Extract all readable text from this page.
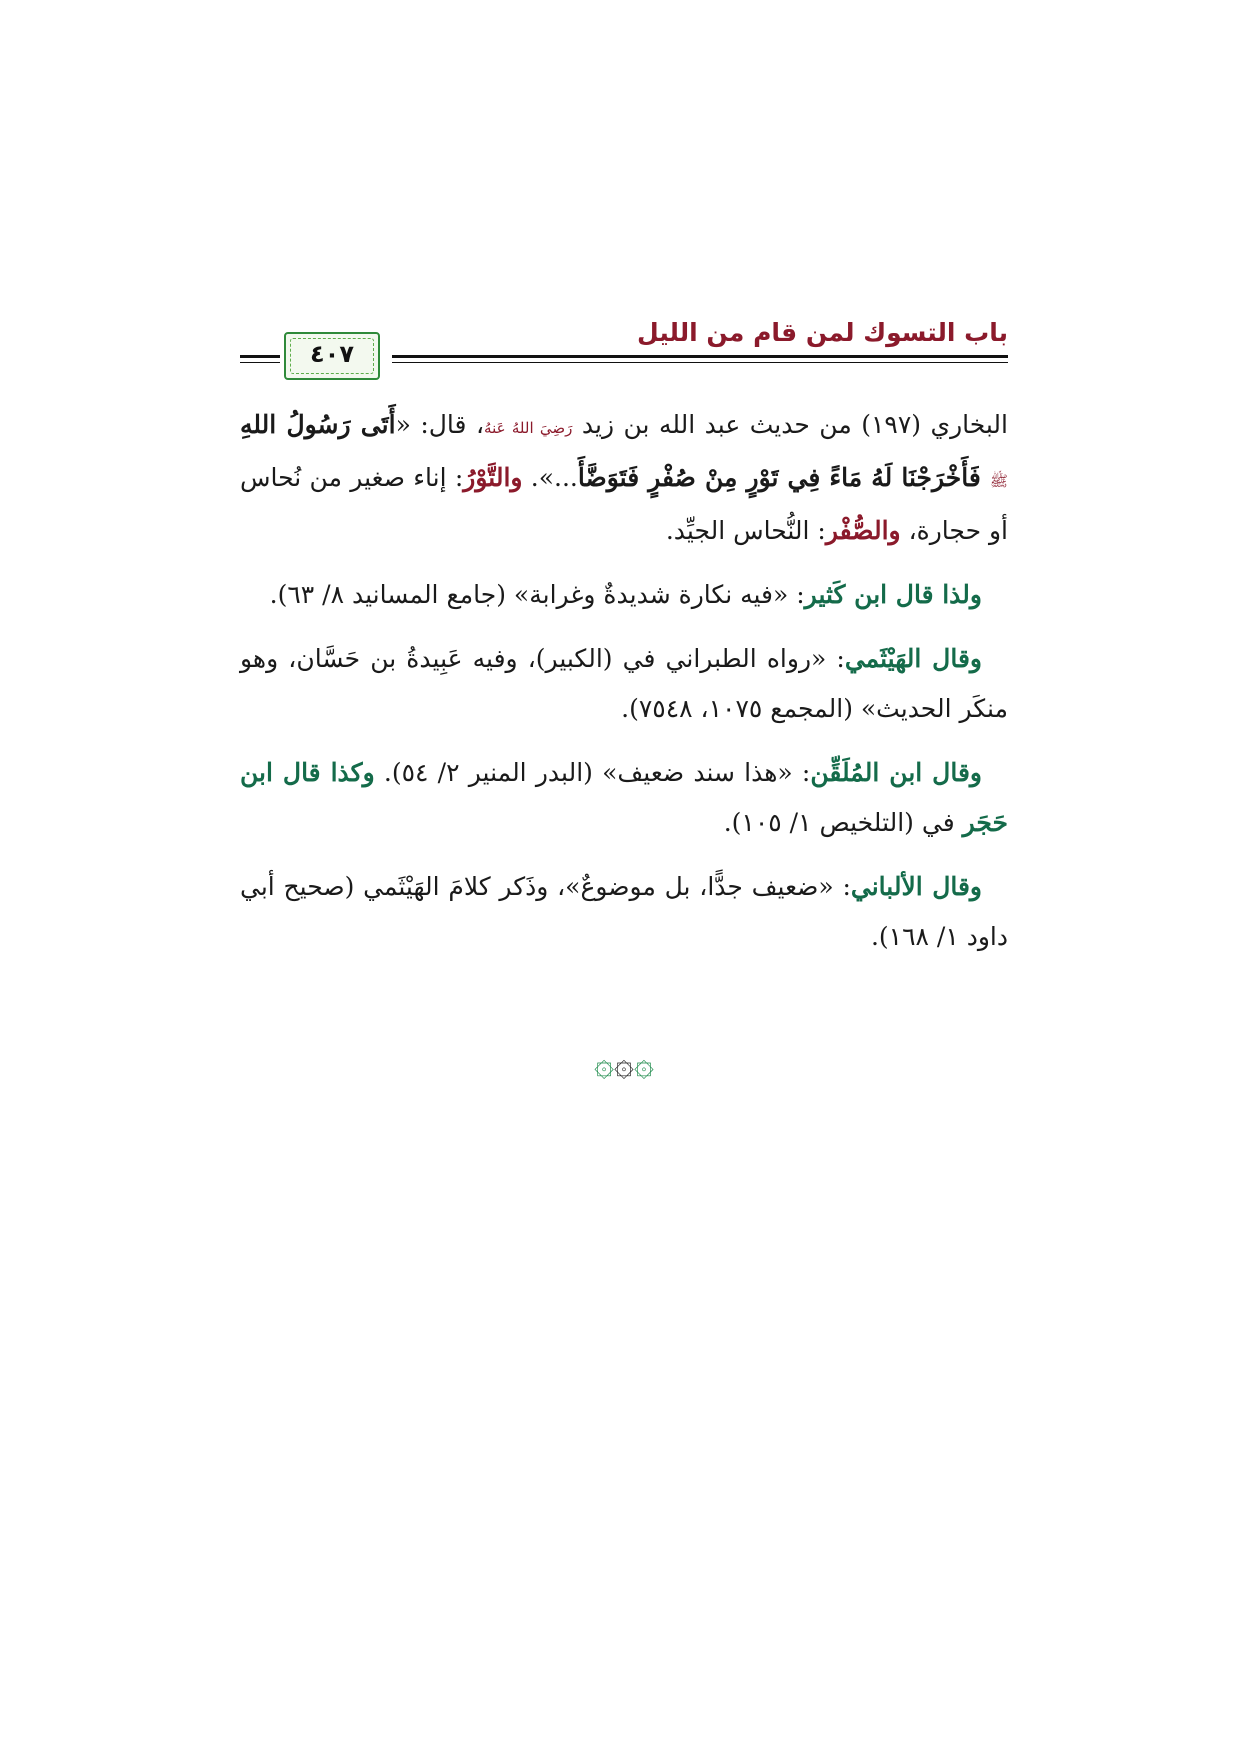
باب التسوك لمن قام من الليل
٤٠٧

البخاري (١٩٧) من حديث عبد الله بن زيد رَضِيَ اللهُ عَنهُ، قال: «أَتَى رَسُولُ اللهِ ﷺ فَأَخْرَجْنَا لَهُ مَاءً فِي تَوْرٍ مِنْ صُفْرٍ فَتَوَضَّأَ...». والتَّوْرُ: إناء صغير من نُحاس أو حجارة، والصُّفْر: النُّحاس الجيِّد.

ولذا قال ابن كَثير: «فيه نكارة شديدةٌ وغرابة» (جامع المسانيد ٨/ ٦٣).

وقال الهَيْثَمي: «رواه الطبراني في (الكبير)، وفيه عَبِيدةُ بن حَسَّان، وهو منكَر الحديث» (المجمع ١٠٧٥، ٧٥٤٨).

وقال ابن المُلَقِّن: «هذا سند ضعيف» (البدر المنير ٢/ ٥٤). وكذا قال ابن حَجَر في (التلخيص ١/ ١٠٥).

وقال الألباني: «ضعيف جدًّا، بل موضوعٌ»، وذَكر كلامَ الهَيْثَمي (صحيح أبي داود ١/ ١٦٨).

۞۞۞
